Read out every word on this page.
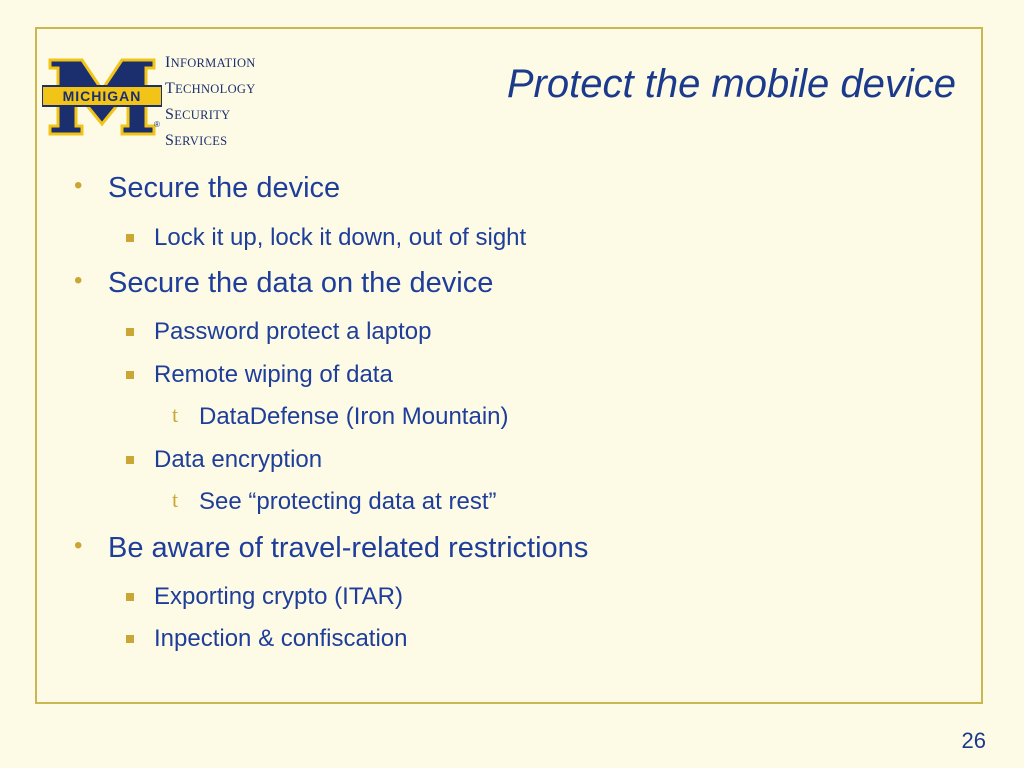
MICHIGAN
®
INFORMATION
TECHNOLOGY
SECURITY
SERVICES
Protect the mobile device
• Secure the device
Lock it up, lock it down, out of sight
• Secure the data on the device
Password protect a laptop
Remote wiping of data
t DataDefense (Iron Mountain)
Data encryption
t See “protecting data at rest”
• Be aware of travel-related restrictions
Exporting crypto (ITAR)
Inpection & confiscation
26
